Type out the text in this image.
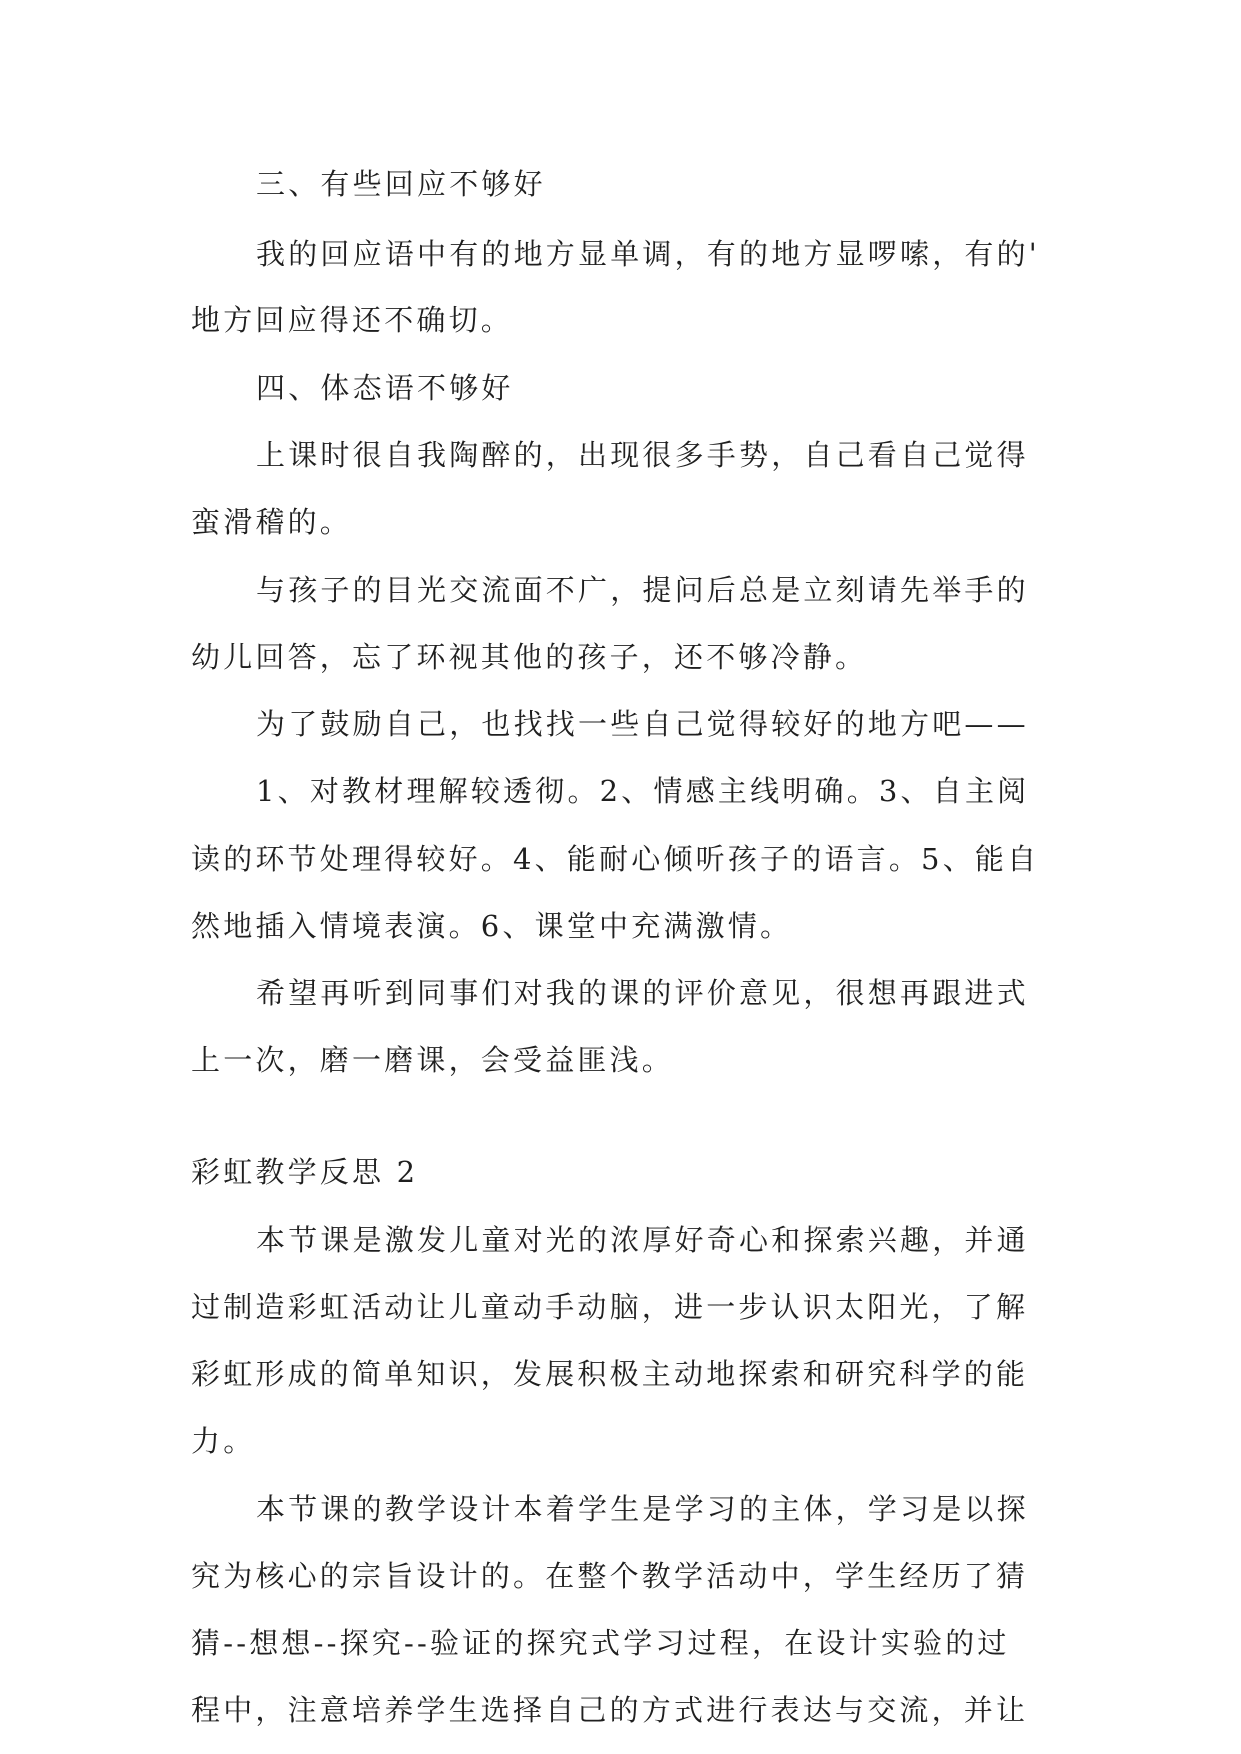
三、有些回应不够好
我的回应语中有的地方显单调，有的地方显啰嗦，有的'
地方回应得还不确切。
四、体态语不够好
上课时很自我陶醉的，出现很多手势，自己看自己觉得
蛮滑稽的。
与孩子的目光交流面不广，提问后总是立刻请先举手的
幼儿回答，忘了环视其他的孩子，还不够冷静。
为了鼓励自己，也找找一些自己觉得较好的地方吧——
1、对教材理解较透彻。2、情感主线明确。3、自主阅
读的环节处理得较好。4、能耐心倾听孩子的语言。5、能自
然地插入情境表演。6、课堂中充满激情。
希望再听到同事们对我的课的评价意见，很想再跟进式
上一次，磨一磨课，会受益匪浅。
彩虹教学反思 2
本节课是激发儿童对光的浓厚好奇心和探索兴趣，并通
过制造彩虹活动让儿童动手动脑，进一步认识太阳光，了解
彩虹形成的简单知识，发展积极主动地探索和研究科学的能
力。
本节课的教学设计本着学生是学习的主体，学习是以探
究为核心的宗旨设计的。在整个教学活动中，学生经历了猜
猜--想想--探究--验证的探究式学习过程，在设计实验的过
程中，注意培养学生选择自己的方式进行表达与交流，并让
